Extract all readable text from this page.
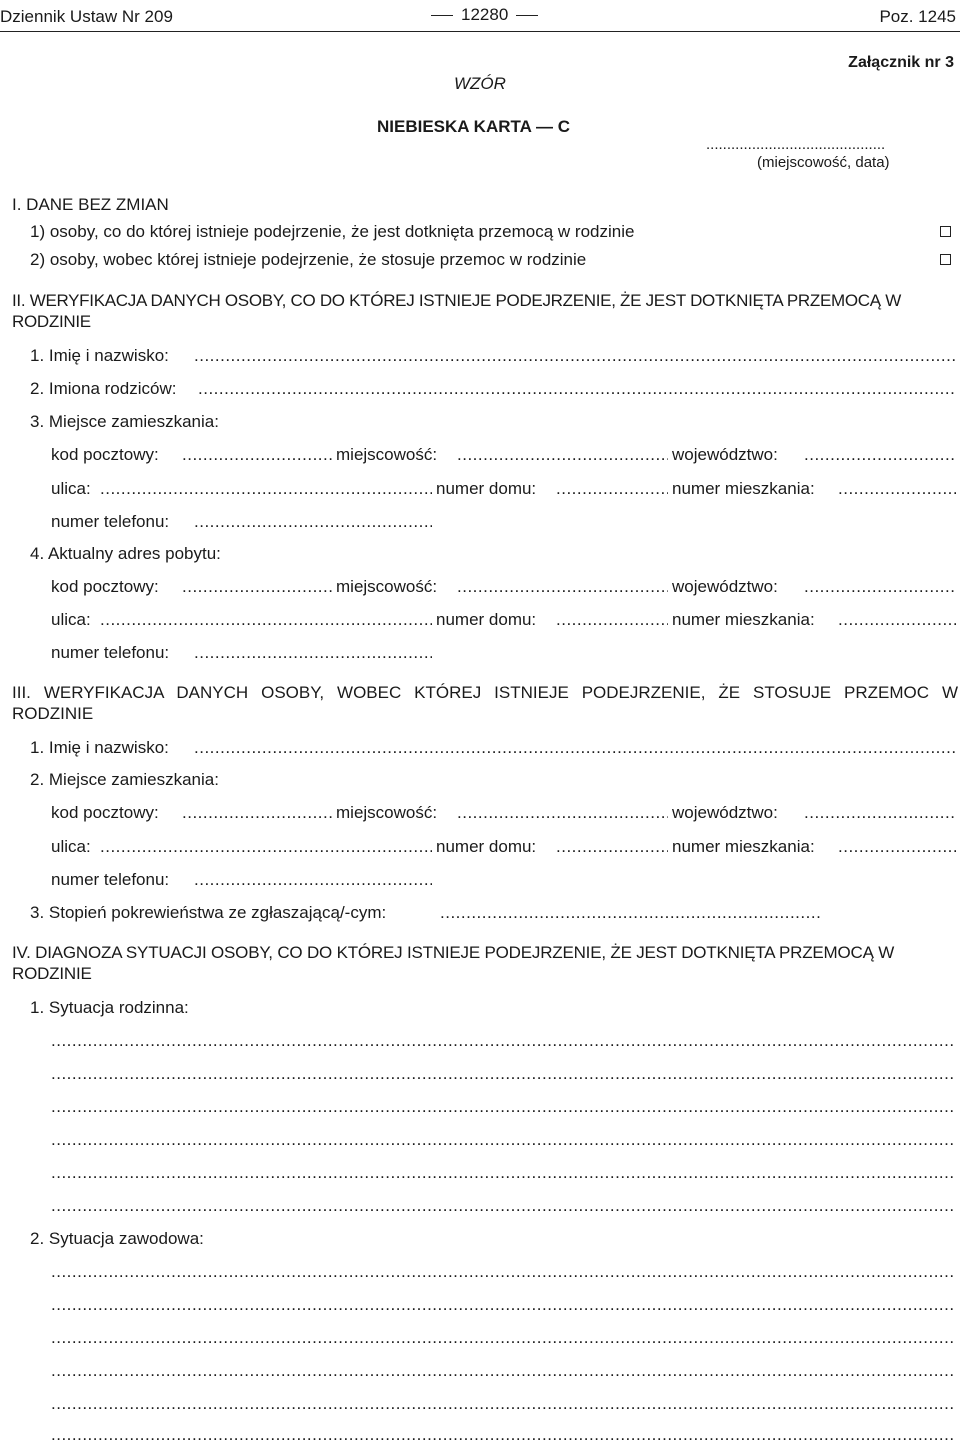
Dziennik Ustaw Nr 209	12280	Poz. 1245
Załącznik nr 3
WZÓR
NIEBIESKA KARTA — C
...........................................
(miejscowość, data)
I. DANE BEZ ZMIAN
1) osoby, co do której istnieje podejrzenie, że jest dotknięta przemocą w rodzinie
2) osoby, wobec której istnieje podejrzenie, że stosuje przemoc w rodzinie
II. WERYFIKACJA DANYCH OSOBY, CO DO KTÓREJ ISTNIEJE PODEJRZENIE, ŻE JEST DOTKNIĘTA PRZEMOCĄ W RODZINIE
1. Imię i nazwisko:
.....
2. Imiona rodziców:
.....
3. Miejsce zamieszkania:
kod pocztowy: .....	miejscowość: .....	województwo:
.....
ulica: .....	numer domu: .....	numer mieszkania:
.....
numer telefonu:
.....
4. Aktualny adres pobytu:
kod pocztowy: .....	miejscowość: .....	województwo:
.....
ulica: .....	numer domu: .....	numer mieszkania:
.....
numer telefonu:
.....
III. WERYFIKACJA DANYCH OSOBY, WOBEC KTÓREJ ISTNIEJE PODEJRZENIE, ŻE STOSUJE PRZEMOC W RODZINIE
1. Imię i nazwisko:
.....
2. Miejsce zamieszkania:
kod pocztowy: .....	miejscowość: .....	województwo:
.....
ulica: .....	numer domu: .....	numer mieszkania:
.....
numer telefonu:
.....
3. Stopień pokrewieństwa ze zgłaszającą/-cym:
.....
IV. DIAGNOZA SYTUACJI OSOBY, CO DO KTÓREJ ISTNIEJE PODEJRZENIE, ŻE JEST DOTKNIĘTA PRZEMOCĄ W RODZINIE
1. Sytuacja rodzinna:
.....
.....
.....
.....
.....
.....
2. Sytuacja zawodowa:
.....
.....
.....
.....
.....
.....
